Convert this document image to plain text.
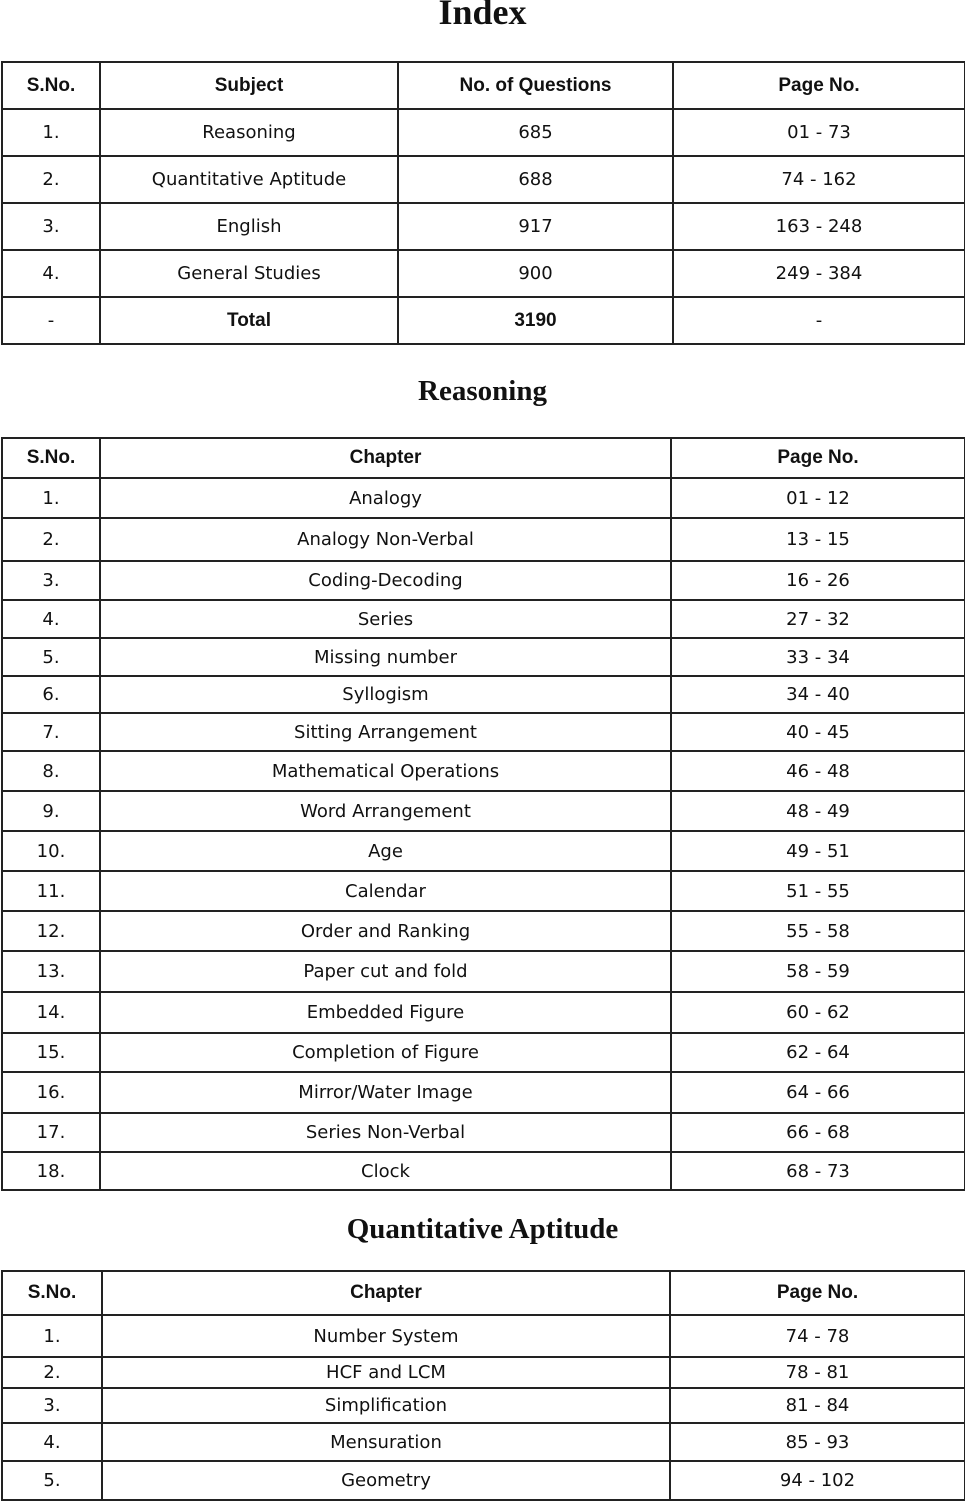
Index
S.No.	Subject	No. of Questions	Page No.
1.	Reasoning	685	01 - 73
2.	Quantitative Aptitude	688	74 - 162
3.	English	917	163 - 248
4.	General Studies	900	249 - 384
-	Total	3190	-
Reasoning
S.No.	Chapter	Page No.
1.	Analogy	01 - 12
2.	Analogy Non-Verbal	13 - 15
3.	Coding-Decoding	16 - 26
4.	Series	27 - 32
5.	Missing number	33 - 34
6.	Syllogism	34 - 40
7.	Sitting Arrangement	40 - 45
8.	Mathematical Operations	46 - 48
9.	Word Arrangement	48 - 49
10.	Age	49 - 51
11.	Calendar	51 - 55
12.	Order and Ranking	55 - 58
13.	Paper cut and fold	58 - 59
14.	Embedded Figure	60 - 62
15.	Completion of Figure	62 - 64
16.	Mirror/Water Image	64 - 66
17.	Series Non-Verbal	66 - 68
18.	Clock	68 - 73
Quantitative Aptitude
S.No.	Chapter	Page No.
1.	Number System	74 - 78
2.	HCF and LCM	78 - 81
3.	Simplification	81 - 84
4.	Mensuration	85 - 93
5.	Geometry	94 - 102
